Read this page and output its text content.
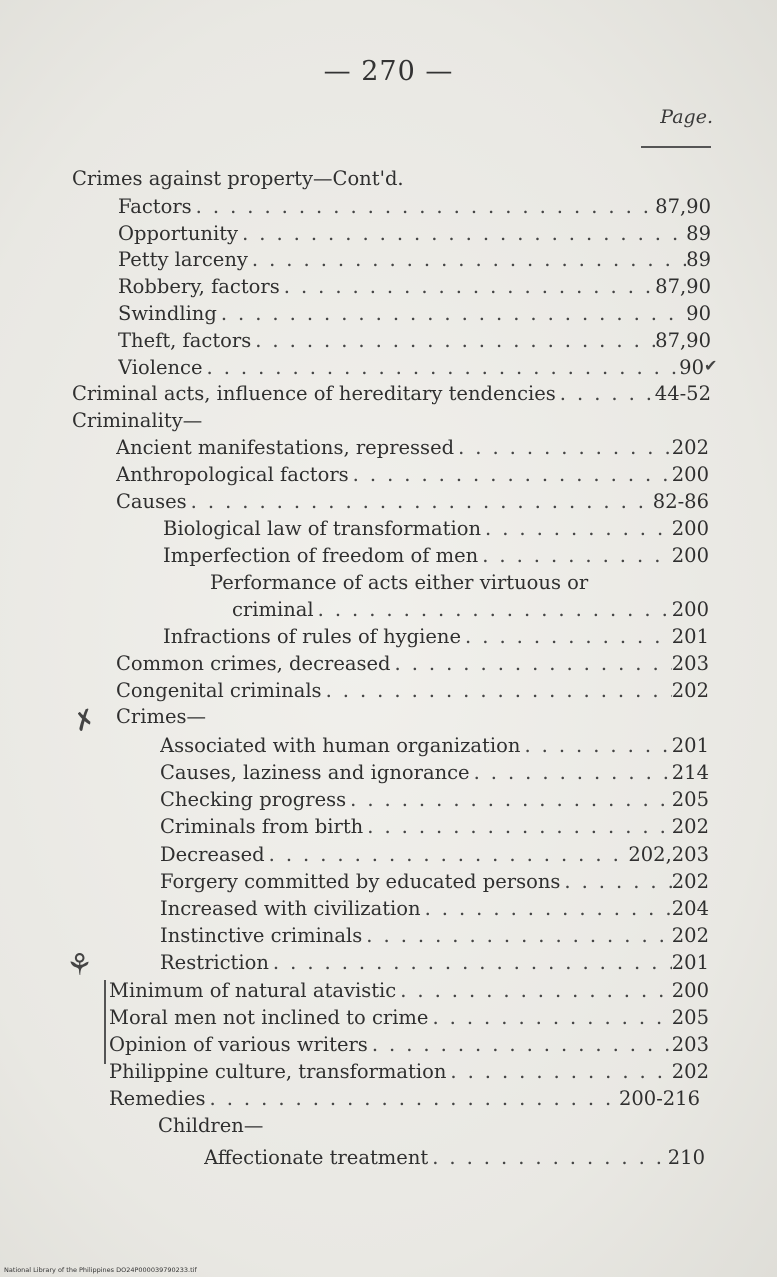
— 270 —
Page.
Crimes against property—Cont'd.
Factors . . .	87,90
Opportunity . . .	89
Petty larceny . . .	89
Robbery, factors . . .	87,90
Swindling . . .	90
Theft, factors . . .	87,90
Violence . . .	90 ✔
Criminal acts, influence of hereditary tendencies . . .	44-52
Criminality—
Ancient manifestations, repressed . . .	202
Anthropological factors . . .	200
Causes . . .	82-86
Biological law of transformation . . .	200
Imperfection of freedom of men . . .	200
Performance of acts either virtuous or
criminal . . .	200
Infractions of rules of hygiene . . .	201
Common crimes, decreased . . .	203
Congenital criminals . . .	202
Crimes—
✗
Associated with human organization . . .	201
Causes, laziness and ignorance . . .	214
Checking progress . . .	205
Criminals from birth . . .	202
Decreased . . .	202,203
Forgery committed by educated persons . . .	202
Increased with civilization . . .	204
Instinctive criminals . . .	202
Restriction . . .	201
⚘
Minimum of natural atavistic . . .	200
Moral men not inclined to crime . . .	205
Opinion of various writers . . .	203
Philippine culture, transformation . . .	202
Remedies . . .	200-216
Children—
Affectionate treatment . . .	210
National Library of the Philippines DO24P000039790233.tif
